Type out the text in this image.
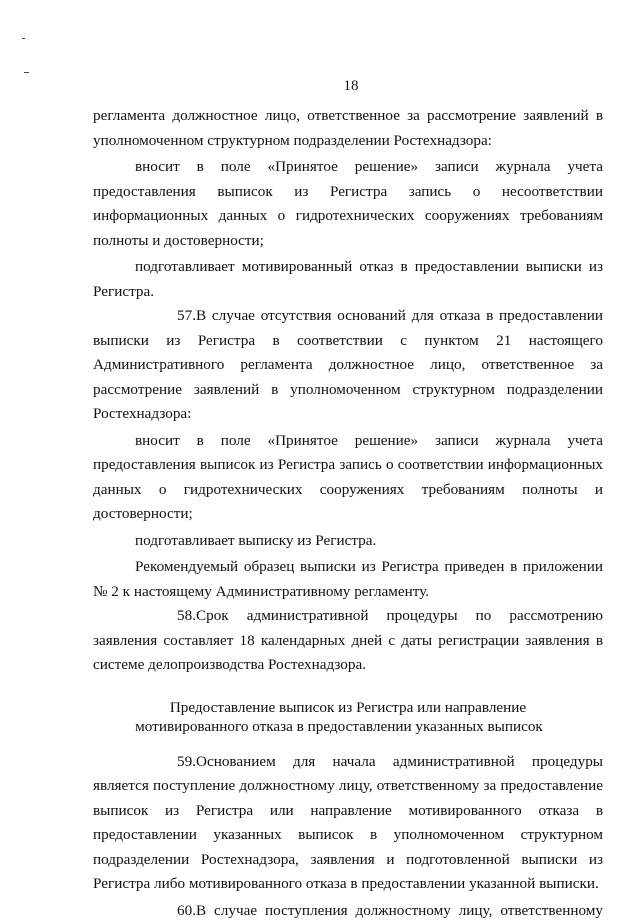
18

регламента должностное лицо, ответственное за рассмотрение заявлений в уполномоченном структурном подразделении Ростехнадзора:

вносит в поле «Принятое решение» записи журнала учета предоставления выписок из Регистра запись о несоответствии информационных данных о гидротехнических сооружениях требованиям полноты и достоверности;

подготавливает мотивированный отказ в предоставлении выписки из Регистра.

57.В случае отсутствия оснований для отказа в предоставлении выписки из Регистра в соответствии с пунктом 21 настоящего Административного регламента должностное лицо, ответственное за рассмотрение заявлений в уполномоченном структурном подразделении Ростехнадзора:

вносит в поле «Принятое решение» записи журнала учета предоставления выписок из Регистра запись о соответствии информационных данных о гидротехнических сооружениях требованиям полноты и достоверности;

подготавливает выписку из Регистра.

Рекомендуемый образец выписки из Регистра приведен в приложении № 2 к настоящему Административному регламенту.

58.Срок административной процедуры по рассмотрению заявления составляет 18 календарных дней с даты регистрации заявления в системе делопроизводства Ростехнадзора.

Предоставление выписок из Регистра или направление
мотивированного отказа в предоставлении указанных выписок

59.Основанием для начала административной процедуры является поступление должностному лицу, ответственному за предоставление выписок из Регистра или направление мотивированного отказа в предоставлении указанных выписок в уполномоченном структурном подразделении Ростехнадзора, заявления и подготовленной выписки из Регистра либо мотивированного отказа в предоставлении указанной выписки.

60.В случае поступления должностному лицу, ответственному
